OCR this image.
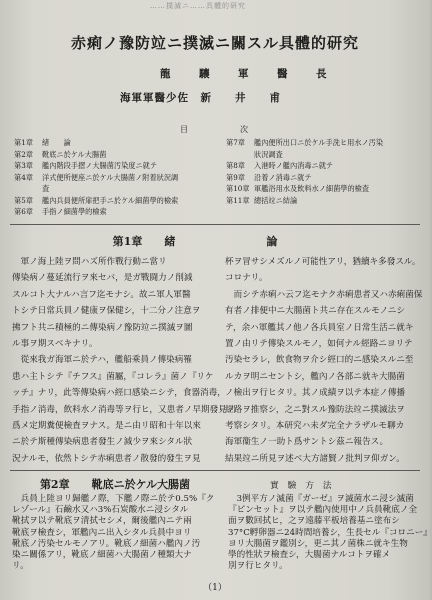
……撲滅ニ……具體的研究
赤痢ノ豫防竝ニ撲滅ニ關スル具體的研究
龍　驤　軍　醫　長
海軍軍醫少佐　新　　井　　甫
目	次
第1章 緒　　論
第2章 靴底ニ於ケル大腸菌
第3章 艦內階段手摺ノ大腸菌汚染度ニ就テ
第4章 洋式便所便座ニ於ケル大腸菌ノ附着狀況調
査
第5章 艦內兵員便所扉把手ニ於ケル細菌學的檢索
第6章 手指ノ細菌學的檢索
第7章 艦內便所出口ニ於ケル手洗ヒ用水ノ汚染
狀況調査
第8章 入港時ノ艦內消毒ニ就テ
第9章 沿着ノ消毒ニ就テ
第10章 軍艦浴用水及飲料水ノ細菌學的檢査
第11章 總括竝ニ結論
第1章 緒　論
　軍ノ海上陸ヲ問ハズ所作戰行動ニ當リ
傳染病ノ蔓延流行ヲ來セバ，是ガ戰闘力ノ削減
スルコト大ナルハ言フ迄モナシ。故ニ軍人軍醫
トシテ日常兵員ノ健康ヲ保健シ，十二分ノ注意ヲ
拂フト共ニ積極的ニ傳染病ノ豫防竝ニ撲滅ヲ圖
ル事ヲ期スベキナリ。
　從來我ガ海軍ニ於テハ，艦船乘員ノ傳染病罹
患ハ主トシテ『チフス』菌屬，『コレラ』菌ノ『リケ
ッチ』ナリ，此等傳染病ハ經口感染ニシテ，食器消毒，
手指ノ消毒，飲料水ノ消毒等ヲ行ヒ，又患者ノ早期發見ノ
爲メ定期糞便檢査ヲナス。是ニ由リ昭和十年以來
ニ於テ斯種傳染病患者發生ノ減少ヲ來シタル狀
況ナルモ，依然トシテ赤痢患者ノ散發的發生ヲ見
杯ヲ冒サシメズルノ可能性アリ，猶續キ多發スル。
コロナリ。
　而シテ赤痢ハ云フ迄モナク赤痢患者又ハ赤痢菌保
有者ノ排便中ニ大腸菌ト共ニ存在スルモノニシ
テ，余ハ軍艦其ノ他ノ各兵員室ノ日常生活ニ就キ
置ノ由リテ傳染スルモノ，如何ナル經路ニヨリテ
汚染セラレ，飲食物ヲ介シ經口的ニ感染スルニ至
ルカヲ明ニセントシ，艦內ノ各部ニ就キ大腸菌
ノ檢出ヲ行ヒタリ。其ノ成績ヲ以テ本症ノ傳播
經路ヲ推察シ，之ニ對スル豫防法竝ニ撲滅法ヲ
考察シタリ。本研究ハ未ダ完全ナラザルモ聊カ
海軍衞生ノ一助ト爲サントシ茲ニ報告ス。
結果竝ニ所見ヲ述ベ大方諸賢ノ批判ヲ仰ガン。
第2章 靴底ニ於ケル大腸菌
　兵員上陸ヨリ歸艦ノ際，下艦ノ際ニ於テ0.5%『ク
レゾール』石鹼水又ハ3%石炭酸水ニ浸シタル
靴拭ヲ以テ靴底ヲ清拭セシメ，爾後艦內ニテ兩
靴底ヲ檢査シ，軍艦內ニ出入シタル兵員中ヨリ
靴底ノ汚染セルモノアリ。靴底ノ細菌ハ艦內ノ汚
染ニ關係アリ，靴底ノ細菌ハ大腸菌ノ種類大ナ
リ。
實　驗　方　法
　3例平方ノ滅菌『ガーゼ』ヲ滅菌水ニ浸シ滅菌
『ピンセット』ヲ以テ艦內使用中ノ兵員靴底ノ全
面ヲ數回拭ヒ，之ヲ遠藤平板培養基ニ塗布シ
37°C孵卵器ニ24時間培養シ，生長セル『コロニー』
ヨリ大腸菌ヲ鑑別シ，更ニ其ノ菌株ニ就キ生物
學的性狀ヲ檢査シ，大腸菌ナルコトヲ確メ
別ヲ行ヒタリ。
（1）
